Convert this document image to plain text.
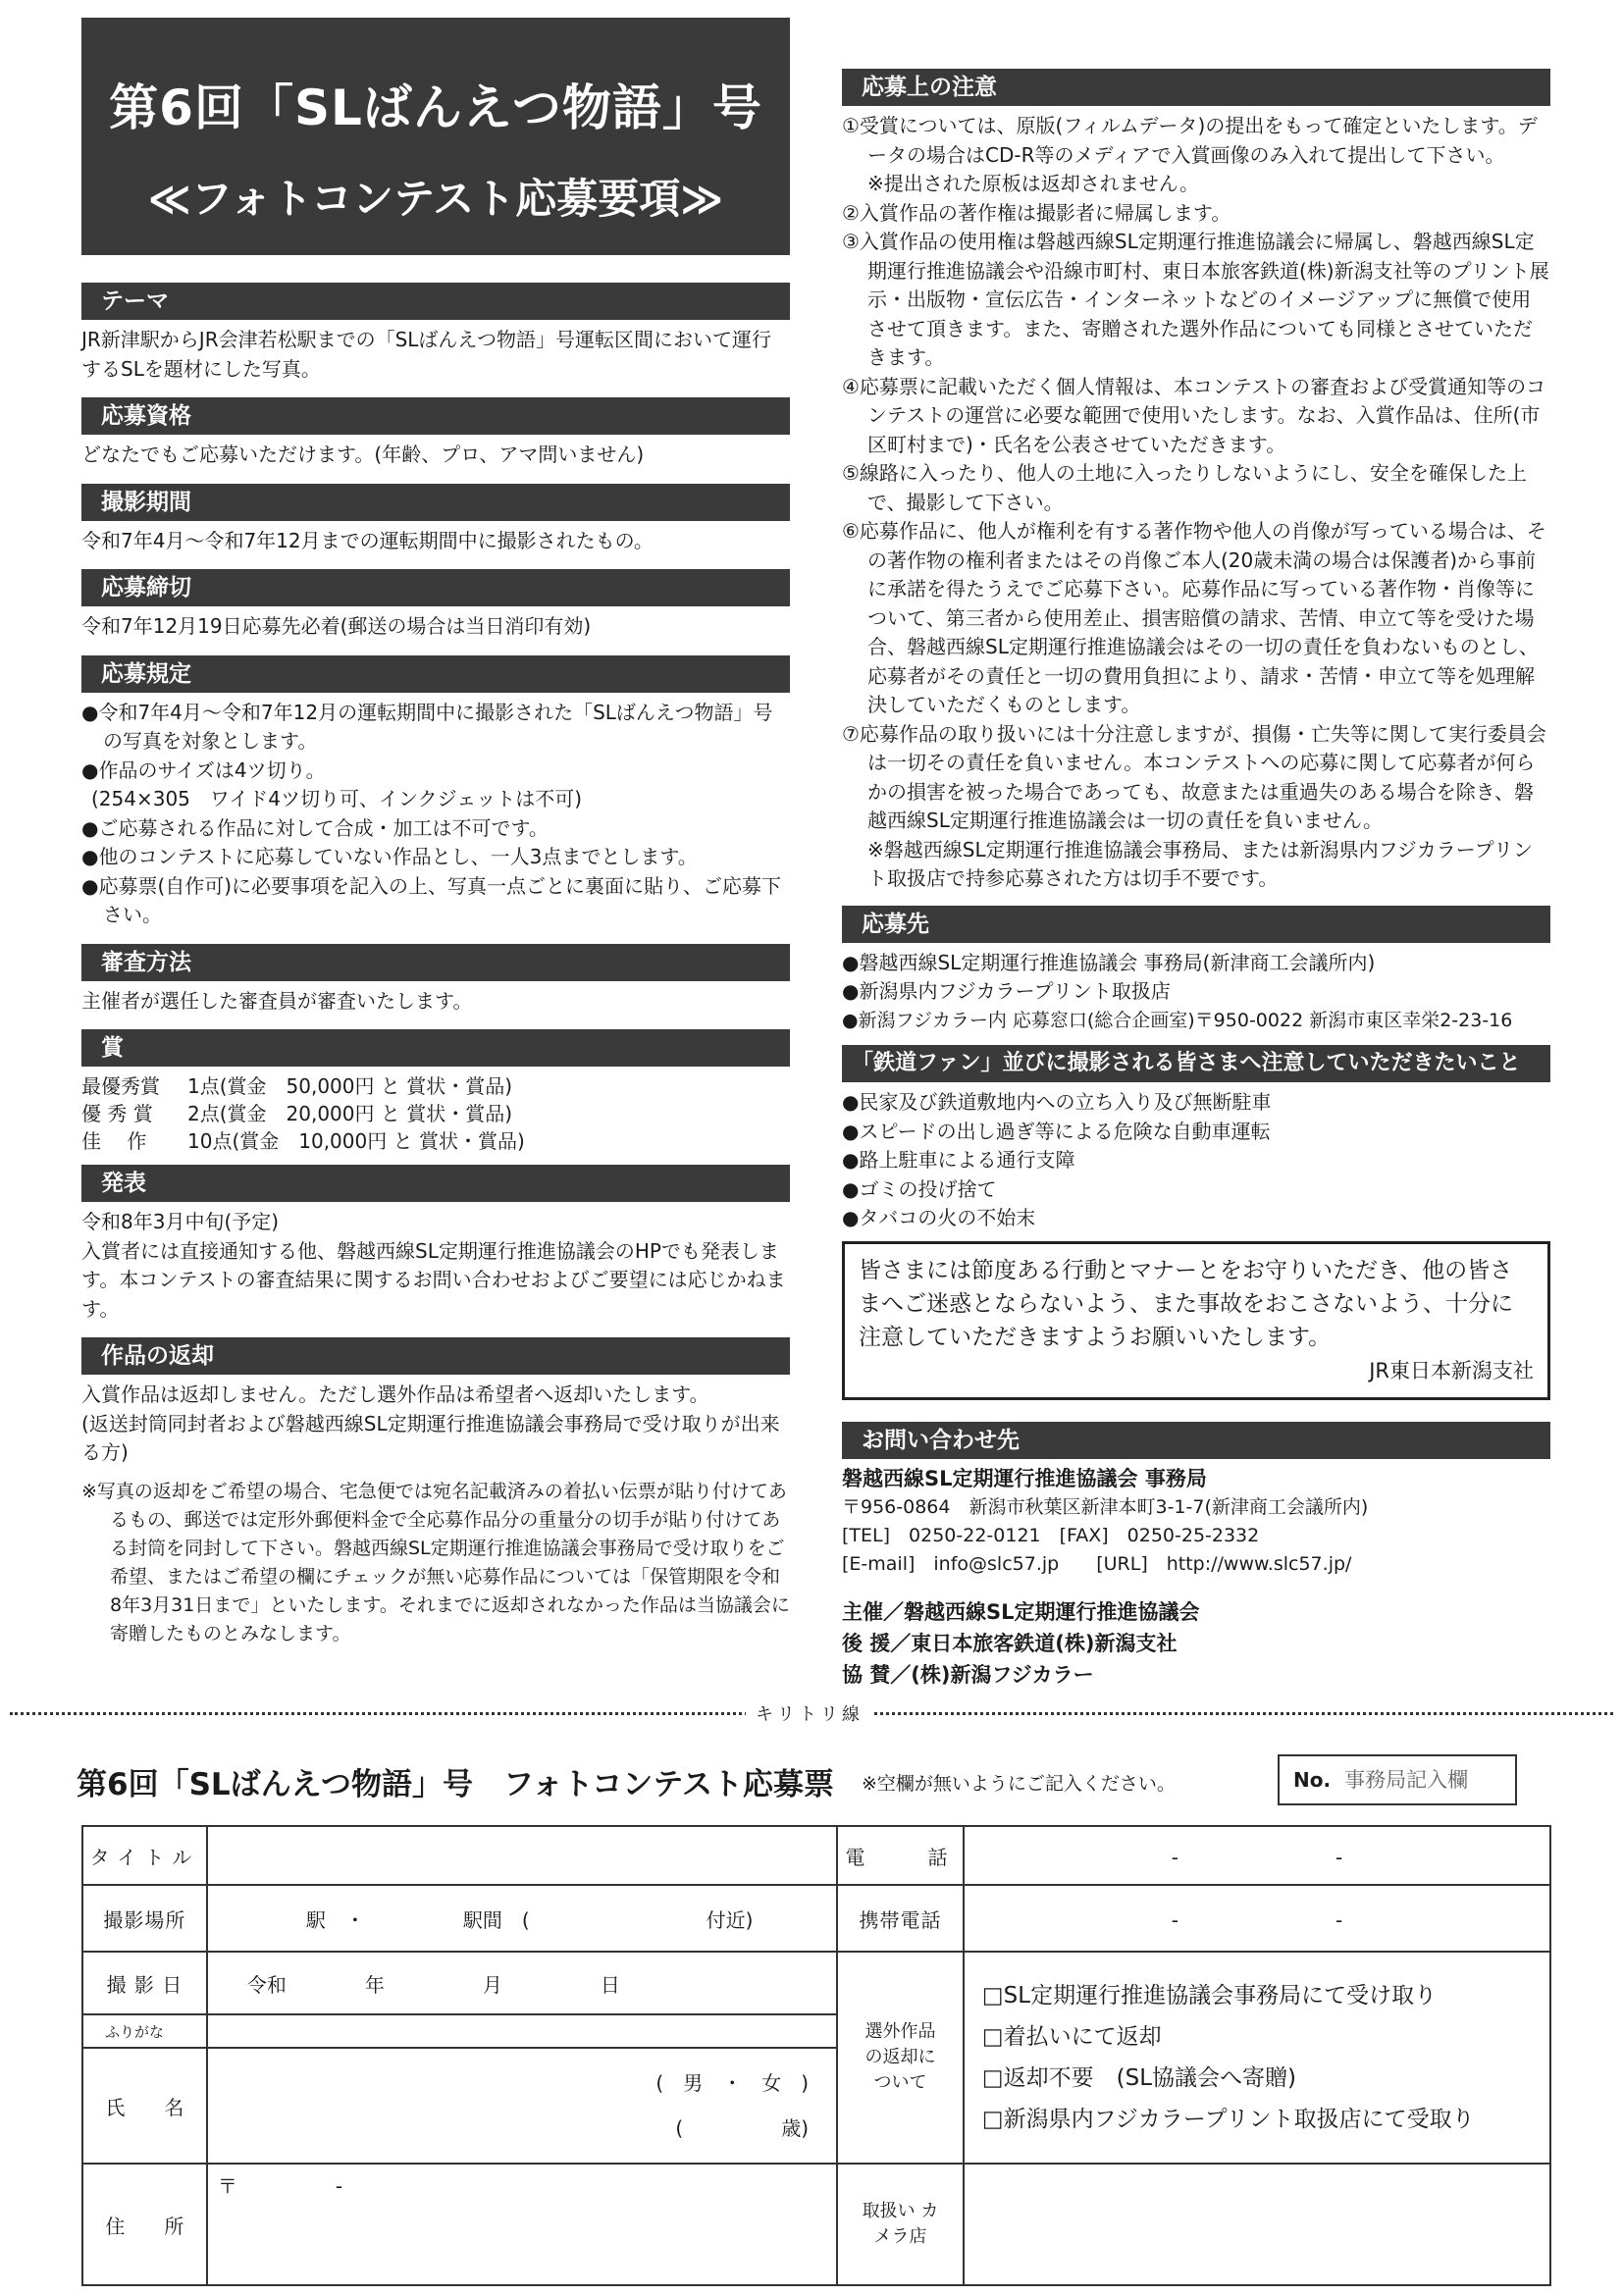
第6回「SLばんえつ物語」号
≪フォトコンテスト応募要項≫
テーマ

JR新津駅からJR会津若松駅までの「SLばんえつ物語」号運転区間において運行するSLを題材にした写真。

応募資格

どなたでもご応募いただけます。(年齢、プロ、アマ問いません)

撮影期間

令和7年4月～令和7年12月までの運転期間中に撮影されたもの。

応募締切

令和7年12月19日応募先必着(郵送の場合は当日消印有効)

応募規定

●令和7年4月～令和7年12月の運転期間中に撮影された「SLばんえつ物語」号の写真を対象とします。

●作品のサイズは4ツ切り。

(254×305　ワイド4ツ切り可、インクジェットは不可)

●ご応募される作品に対して合成・加工は不可です。

●他のコンテストに応募していない作品とし、一人3点までとします。

●応募票(自作可)に必要事項を記入の上、写真一点ごとに裏面に貼り、ご応募下さい。

審査方法

主催者が選任した審査員が審査いたします。

賞
最優秀賞	1点(賞金　50,000円 と 賞状・賞品)
優 秀 賞	2点(賞金　20,000円 と 賞状・賞品)
佳　 作	10点(賞金　10,000円 と 賞状・賞品)
発表

令和8年3月中旬(予定)

入賞者には直接通知する他、磐越西線SL定期運行推進協議会のHPでも発表します。本コンテストの審査結果に関するお問い合わせおよびご要望には応じかねます。

作品の返却

入賞作品は返却しません。ただし選外作品は希望者へ返却いたします。

(返送封筒同封者および磐越西線SL定期運行推進協議会事務局で受け取りが出来る方)

※写真の返却をご希望の場合、宅急便では宛名記載済みの着払い伝票が貼り付けてあるもの、郵送では定形外郵便料金で全応募作品分の重量分の切手が貼り付けてある封筒を同封して下さい。磐越西線SL定期運行推進協議会事務局で受け取りをご希望、またはご希望の欄にチェックが無い応募作品については「保管期限を令和8年3月31日まで」といたします。それまでに返却されなかった作品は当協議会に寄贈したものとみなします。

応募上の注意

①受賞については、原版(フィルムデータ)の提出をもって確定といたします。データの場合はCD-R等のメディアで入賞画像のみ入れて提出して下さい。

※提出された原板は返却されません。

②入賞作品の著作権は撮影者に帰属します。

③入賞作品の使用権は磐越西線SL定期運行推進協議会に帰属し、磐越西線SL定期運行推進協議会や沿線市町村、東日本旅客鉄道(株)新潟支社等のプリント展示・出版物・宣伝広告・インターネットなどのイメージアップに無償で使用させて頂きます。また、寄贈された選外作品についても同様とさせていただきます。

④応募票に記載いただく個人情報は、本コンテストの審査および受賞通知等のコンテストの運営に必要な範囲で使用いたします。なお、入賞作品は、住所(市区町村まで)・氏名を公表させていただきます。

⑤線路に入ったり、他人の土地に入ったりしないようにし、安全を確保した上で、撮影して下さい。

⑥応募作品に、他人が権利を有する著作物や他人の肖像が写っている場合は、その著作物の権利者またはその肖像ご本人(20歳未満の場合は保護者)から事前に承諾を得たうえでご応募下さい。応募作品に写っている著作物・肖像等について、第三者から使用差止、損害賠償の請求、苦情、申立て等を受けた場合、磐越西線SL定期運行推進協議会はその一切の責任を負わないものとし、応募者がその責任と一切の費用負担により、請求・苦情・申立て等を処理解決していただくものとします。

⑦応募作品の取り扱いには十分注意しますが、損傷・亡失等に関して実行委員会は一切その責任を負いません。本コンテストへの応募に関して応募者が何らかの損害を被った場合であっても、故意または重過失のある場合を除き、磐越西線SL定期運行推進協議会は一切の責任を負いません。

※磐越西線SL定期運行推進協議会事務局、または新潟県内フジカラープリント取扱店で持参応募された方は切手不要です。

応募先

●磐越西線SL定期運行推進協議会 事務局(新津商工会議所内)

●新潟県内フジカラープリント取扱店

●新潟フジカラー内 応募窓口(総合企画室)〒950-0022 新潟市東区幸栄2-23-16

「鉄道ファン」並びに撮影される皆さまへ注意していただきたいこと

●民家及び鉄道敷地内への立ち入り及び無断駐車

●スピードの出し過ぎ等による危険な自動車運転

●路上駐車による通行支障

●ゴミの投げ捨て

●タバコの火の不始末

皆さまには節度ある行動とマナーとをお守りいただき、他の皆さまへご迷惑とならないよう、また事故をおこさないよう、十分に注意していただきますようお願いいたします。

JR東日本新潟支社

お問い合わせ先

磐越西線SL定期運行推進協議会 事務局

〒956-0864　新潟市秋葉区新津本町3-1-7(新津商工会議所内)

[TEL]　0250-22-0121　[FAX]　0250-25-2332

[E-mail]　info@slc57.jp　　[URL]　http://www.slc57.jp/

主催／磐越西線SL定期運行推進協議会

後 援／東日本旅客鉄道(株)新潟支社

協 賛／(株)新潟フジカラー

キリトリ線
第6回「SLばんえつ物語」号　フォトコンテスト応募票 ※空欄が無いようにご記入ください。	No. 事務局記入欄
タイトル		電　　話	-　　　　　　　　-
撮影場所	駅　・　　　　　駅間　(　　　　　　　　　付近)	携帯電話	-　　　　　　　　-
撮 影 日	令和　　　　年　　　　　月　　　　　日	選外作品の返却について	□SL定期運行推進協議会事務局にて受け取り
□着払いにて返却
□返却不要　(SL協議会へ寄贈)
□新潟県内フジカラープリント取扱店にて受取り

ふりがな			
氏　　名	(　男　・　女　)
(　　　　　歳)		

住　　所	〒　　　　　-	取扱い カメラ店	
